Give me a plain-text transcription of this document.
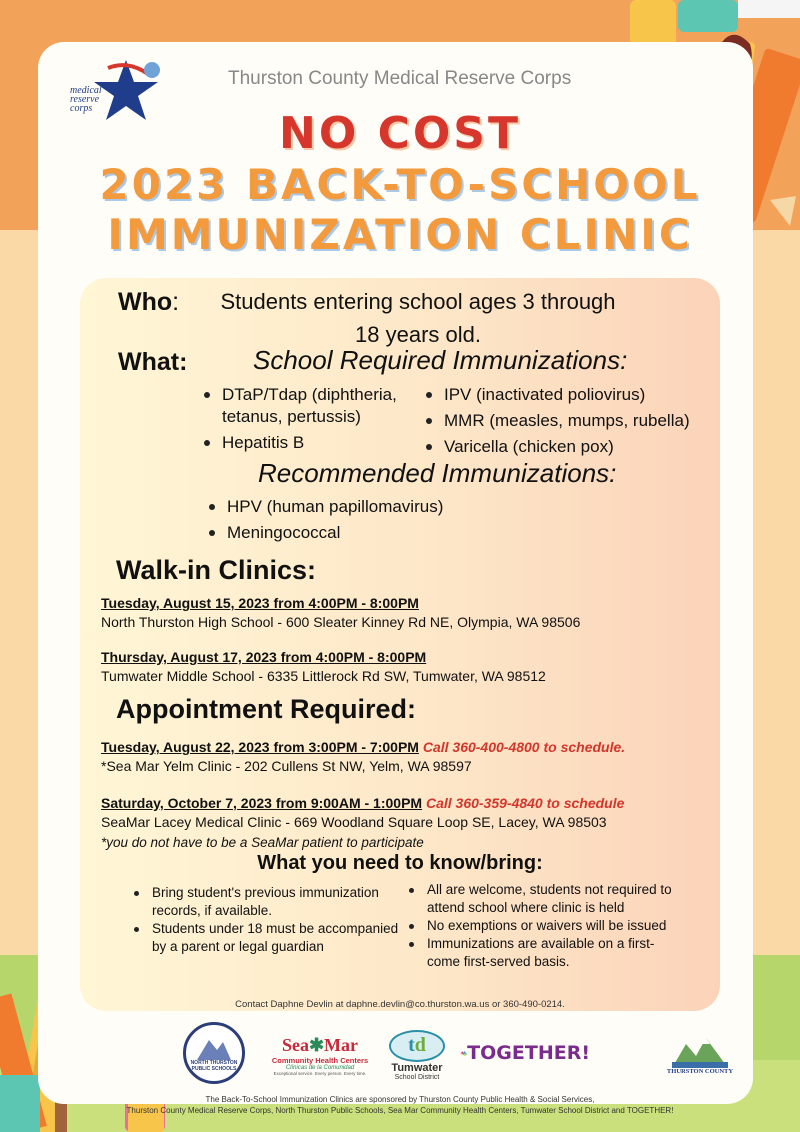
medical
reserve
corps
Thurston County Medical Reserve Corps
NO COST
2023 BACK-TO-SCHOOL
IMMUNIZATION CLINIC
Who: Students entering school ages 3 through 18 years old.
What:	School Required Immunizations:
DTaP/Tdap (diphtheria, tetanus, pertussis)
Hepatitis B
IPV (inactivated poliovirus)
MMR (measles, mumps, rubella)
Varicella (chicken pox)
Recommended Immunizations:
HPV (human papillomavirus)
Meningococcal
Walk-in Clinics:
Tuesday, August 15, 2023 from 4:00PM - 8:00PM
North Thurston High School - 600 Sleater Kinney Rd NE, Olympia, WA 98506
Thursday, August 17, 2023 from 4:00PM - 8:00PM
Tumwater Middle School - 6335 Littlerock Rd SW, Tumwater, WA 98512
Appointment Required:
Tuesday, August 22, 2023 from 3:00PM - 7:00PM Call 360-400-4800 to schedule.
*Sea Mar Yelm Clinic - 202 Cullens St NW, Yelm, WA 98597
Saturday, October 7, 2023 from 9:00AM - 1:00PM Call 360-359-4840 to schedule
SeaMar Lacey Medical Clinic - 669 Woodland Square Loop SE, Lacey, WA 98503
*you do not have to be a SeaMar patient to participate
What you need to know/bring:
Bring student's previous immunization records, if available.
Students under 18 must be accompanied by a parent or legal guardian
All are welcome, students not required to attend school where clinic is held
No exemptions or waivers will be issued
Immunizations are available on a first-come first-served basis.
Contact Daphne Devlin at daphne.devlin@co.thurston.wa.us or 360-490-0214.
NORTH THURSTON
PUBLIC SCHOOLS
Sea✱Mar
Community Health Centers
Clínicas de la Comunidad
Exceptional service. Every person. Every time.
t d
Tumwater
School District
TOGETHER!
THURSTON COUNTY
The Back-To-School Immunization Clinics are sponsored by Thurston County Public Health & Social Services,
Thurston County Medical Reserve Corps, North Thurston Public Schools, Sea Mar Community Health Centers, Tumwater School District and TOGETHER!
